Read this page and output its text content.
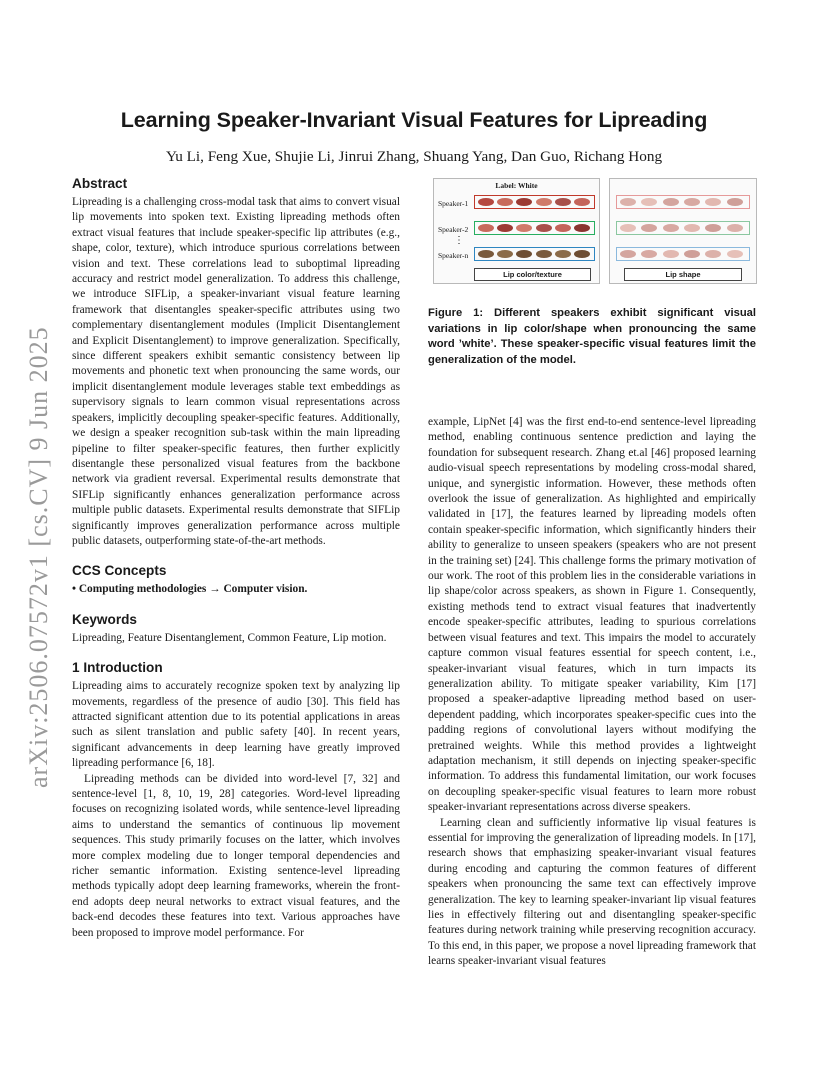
arXiv:2506.07572v1 [cs.CV] 9 Jun 2025
Learning Speaker-Invariant Visual Features for Lipreading
Yu Li, Feng Xue, Shujie Li, Jinrui Zhang, Shuang Yang, Dan Guo, Richang Hong
Abstract

Lipreading is a challenging cross-modal task that aims to convert visual lip movements into spoken text. Existing lipreading methods often extract visual features that include speaker-specific lip attributes (e.g., shape, color, texture), which introduce spurious correlations between vision and text. These correlations lead to suboptimal lipreading accuracy and restrict model generalization. To address this challenge, we introduce SIFLip, a speaker-invariant visual feature learning framework that disentangles speaker-specific attributes using two complementary disentanglement modules (Implicit Disentanglement and Explicit Disentanglement) to improve generalization. Specifically, since different speakers exhibit semantic consistency between lip movements and phonetic text when pronouncing the same words, our implicit disentanglement module leverages stable text embeddings as supervisory signals to learn common visual representations across speakers, implicitly decoupling speaker-specific features. Additionally, we design a speaker recognition sub-task within the main lipreading pipeline to filter speaker-specific features, then further explicitly disentangle these personalized visual features from the backbone network via gradient reversal. Experimental results demonstrate that SIFLip significantly enhances generalization performance across multiple public datasets. Experimental results demonstrate that SIFLip significantly improves generalization performance across multiple public datasets, outperforming state-of-the-art methods.

CCS Concepts
• Computing methodologies → Computer vision.
Keywords

Lipreading, Feature Disentanglement, Common Feature, Lip motion.

1 Introduction

Lipreading aims to accurately recognize spoken text by analyzing lip movements, regardless of the presence of audio [30]. This field has attracted significant attention due to its potential applications in areas such as silent translation and public safety [40]. In recent years, significant advancements in deep learning have greatly improved lipreading performance [6, 18].

Lipreading methods can be divided into word-level [7, 32] and sentence-level [1, 8, 10, 19, 28] categories. Word-level lipreading focuses on recognizing isolated words, while sentence-level lipreading aims to understand the semantics of continuous lip movement sequences. This study primarily focuses on the latter, which involves more complex modeling due to longer temporal dependencies and richer semantic information. Existing sentence-level lipreading methods typically adopt deep learning frameworks, wherein the front-end adopts deep neural networks to extract visual features, and the back-end decodes these features into text. Various approaches have been proposed to improve model performance. For

Label: White
Speaker-1
Speaker-2
⋮
Speaker-n
Lip color/texture	Lip shape
Figure 1: Different speakers exhibit significant visual variations in lip color/shape when pronouncing the same word ’white’. These speaker-specific visual features limit the generalization of the model.

example, LipNet [4] was the first end-to-end sentence-level lipreading method, enabling continuous sentence prediction and laying the foundation for subsequent research. Zhang et.al [46] proposed learning audio-visual speech representations by modeling cross-modal shared, unique, and synergistic information. However, these methods often overlook the issue of generalization. As highlighted and empirically validated in [17], the features learned by lipreading models often contain speaker-specific information, which significantly hinders their ability to generalize to unseen speakers (speakers who are not present in the training set) [24]. This challenge forms the primary motivation of our work. The root of this problem lies in the considerable variations in lip shape/color across speakers, as shown in Figure 1. Consequently, existing methods tend to extract visual features that inadvertently encode speaker-specific attributes, leading to spurious correlations between visual features and text. This impairs the model to accurately capture common visual features essential for speech content, i.e., speaker-invariant visual features, which in turn impacts its generalization ability. To mitigate speaker variability, Kim [17] proposed a speaker-adaptive lipreading method based on user-dependent padding, which incorporates speaker-specific cues into the padding regions of convolutional layers without modifying the pretrained weights. While this method provides a lightweight adaptation mechanism, it still depends on injecting speaker-specific information. To address this fundamental limitation, our work focuses on decoupling speaker-specific visual features to learn more robust speaker-invariant representations across diverse speakers.

Learning clean and sufficiently informative lip visual features is essential for improving the generalization of lipreading models. In [17], research shows that emphasizing speaker-invariant visual features during encoding and capturing the common features of different speakers when pronouncing the same text can effectively improve generalization. The key to learning speaker-invariant lip visual features lies in effectively filtering out and disentangling speaker-specific features during network training while preserving recognition accuracy. To this end, in this paper, we propose a novel lipreading framework that learns speaker-invariant visual features
